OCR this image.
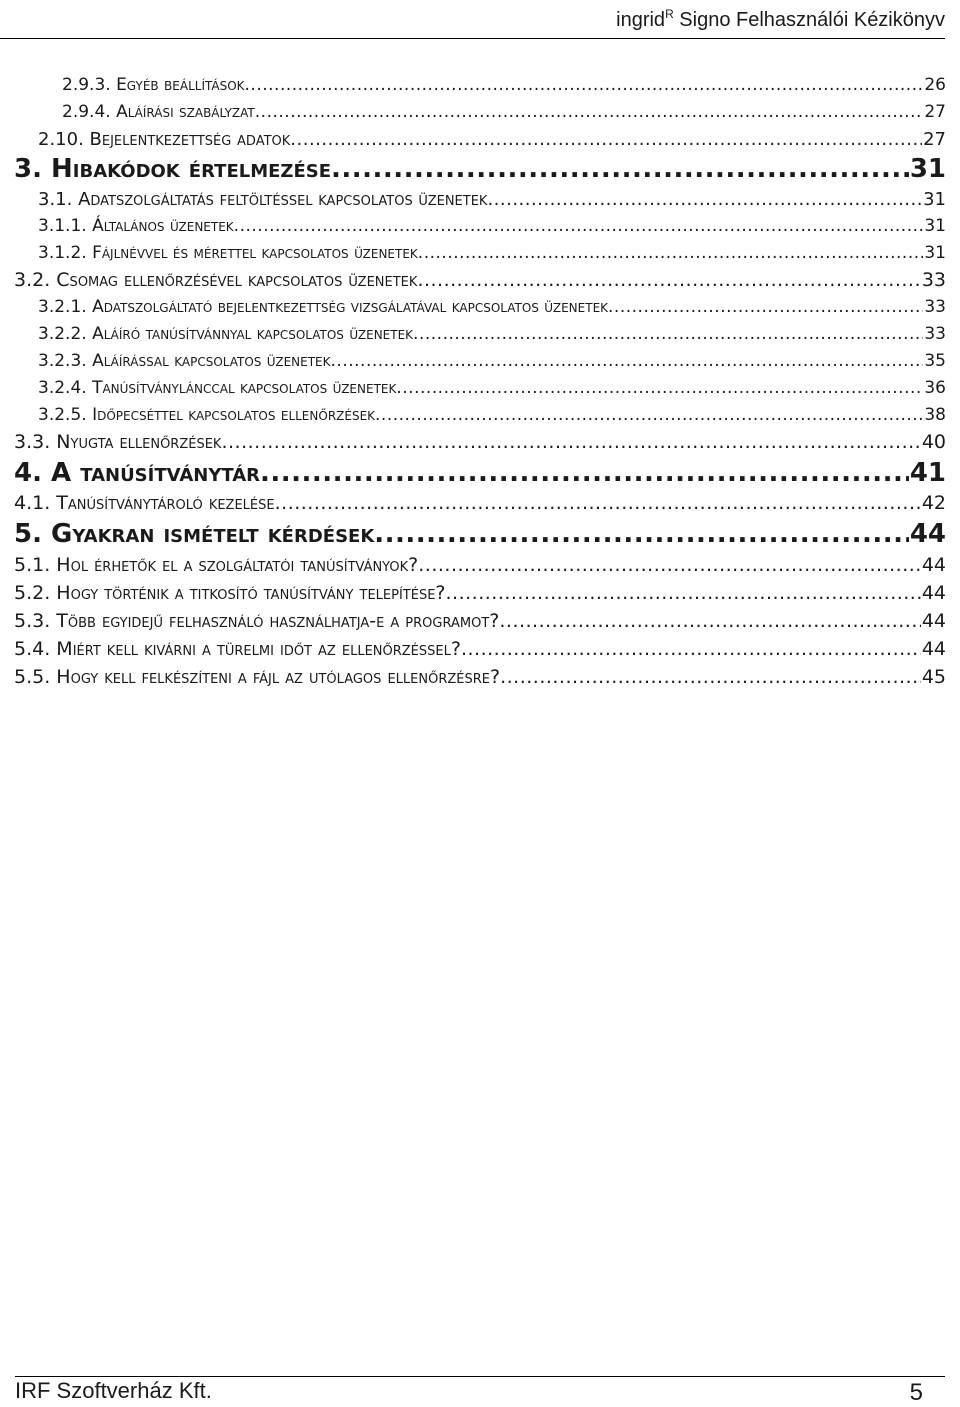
ingrid$^R$ Signo Felhasználói Kézikönyv
2.9.3. Egyéb beállítások .....	26
2.9.4. Aláírási szabályzat .....	27
2.10. Bejelentkezettség adatok .....	27
3. Hibakódok értelmezése .....	31
3.1. Adatszolgáltatás feltöltéssel kapcsolatos üzenetek .....	31
3.1.1. Általános üzenetek .....	31
3.1.2. Fájlnévvel és mérettel kapcsolatos üzenetek .....	31
3.2. Csomag ellenőrzésével kapcsolatos üzenetek .....	33
3.2.1. Adatszolgáltató bejelentkezettség vizsgálatával kapcsolatos üzenetek .....	33
3.2.2. Aláíró tanúsítvánnyal kapcsolatos üzenetek .....	33
3.2.3. Aláírással kapcsolatos üzenetek .....	35
3.2.4. Tanúsítványlánccal kapcsolatos üzenetek .....	36
3.2.5. Időpecséttel kapcsolatos ellenőrzések .....	38
3.3. Nyugta ellenőrzések .....	40
4. A tanúsítványtár .....	41
4.1. Tanúsítványtároló kezelése .....	42
5. Gyakran ismételt kérdések .....	44
5.1. Hol érhetők el a szolgáltatói tanúsítványok? .....	44
5.2. Hogy történik a titkosító tanúsítvány telepítése? .....	44
5.3. Több egyidejű felhasználó használhatja-e a programot? .....	44
5.4. Miért kell kivárni a türelmi időt az ellenőrzéssel? .....	44
5.5. Hogy kell felkészíteni a fájl az utólagos ellenőrzésre? .....	45
IRF Szoftverház Kft.	5
